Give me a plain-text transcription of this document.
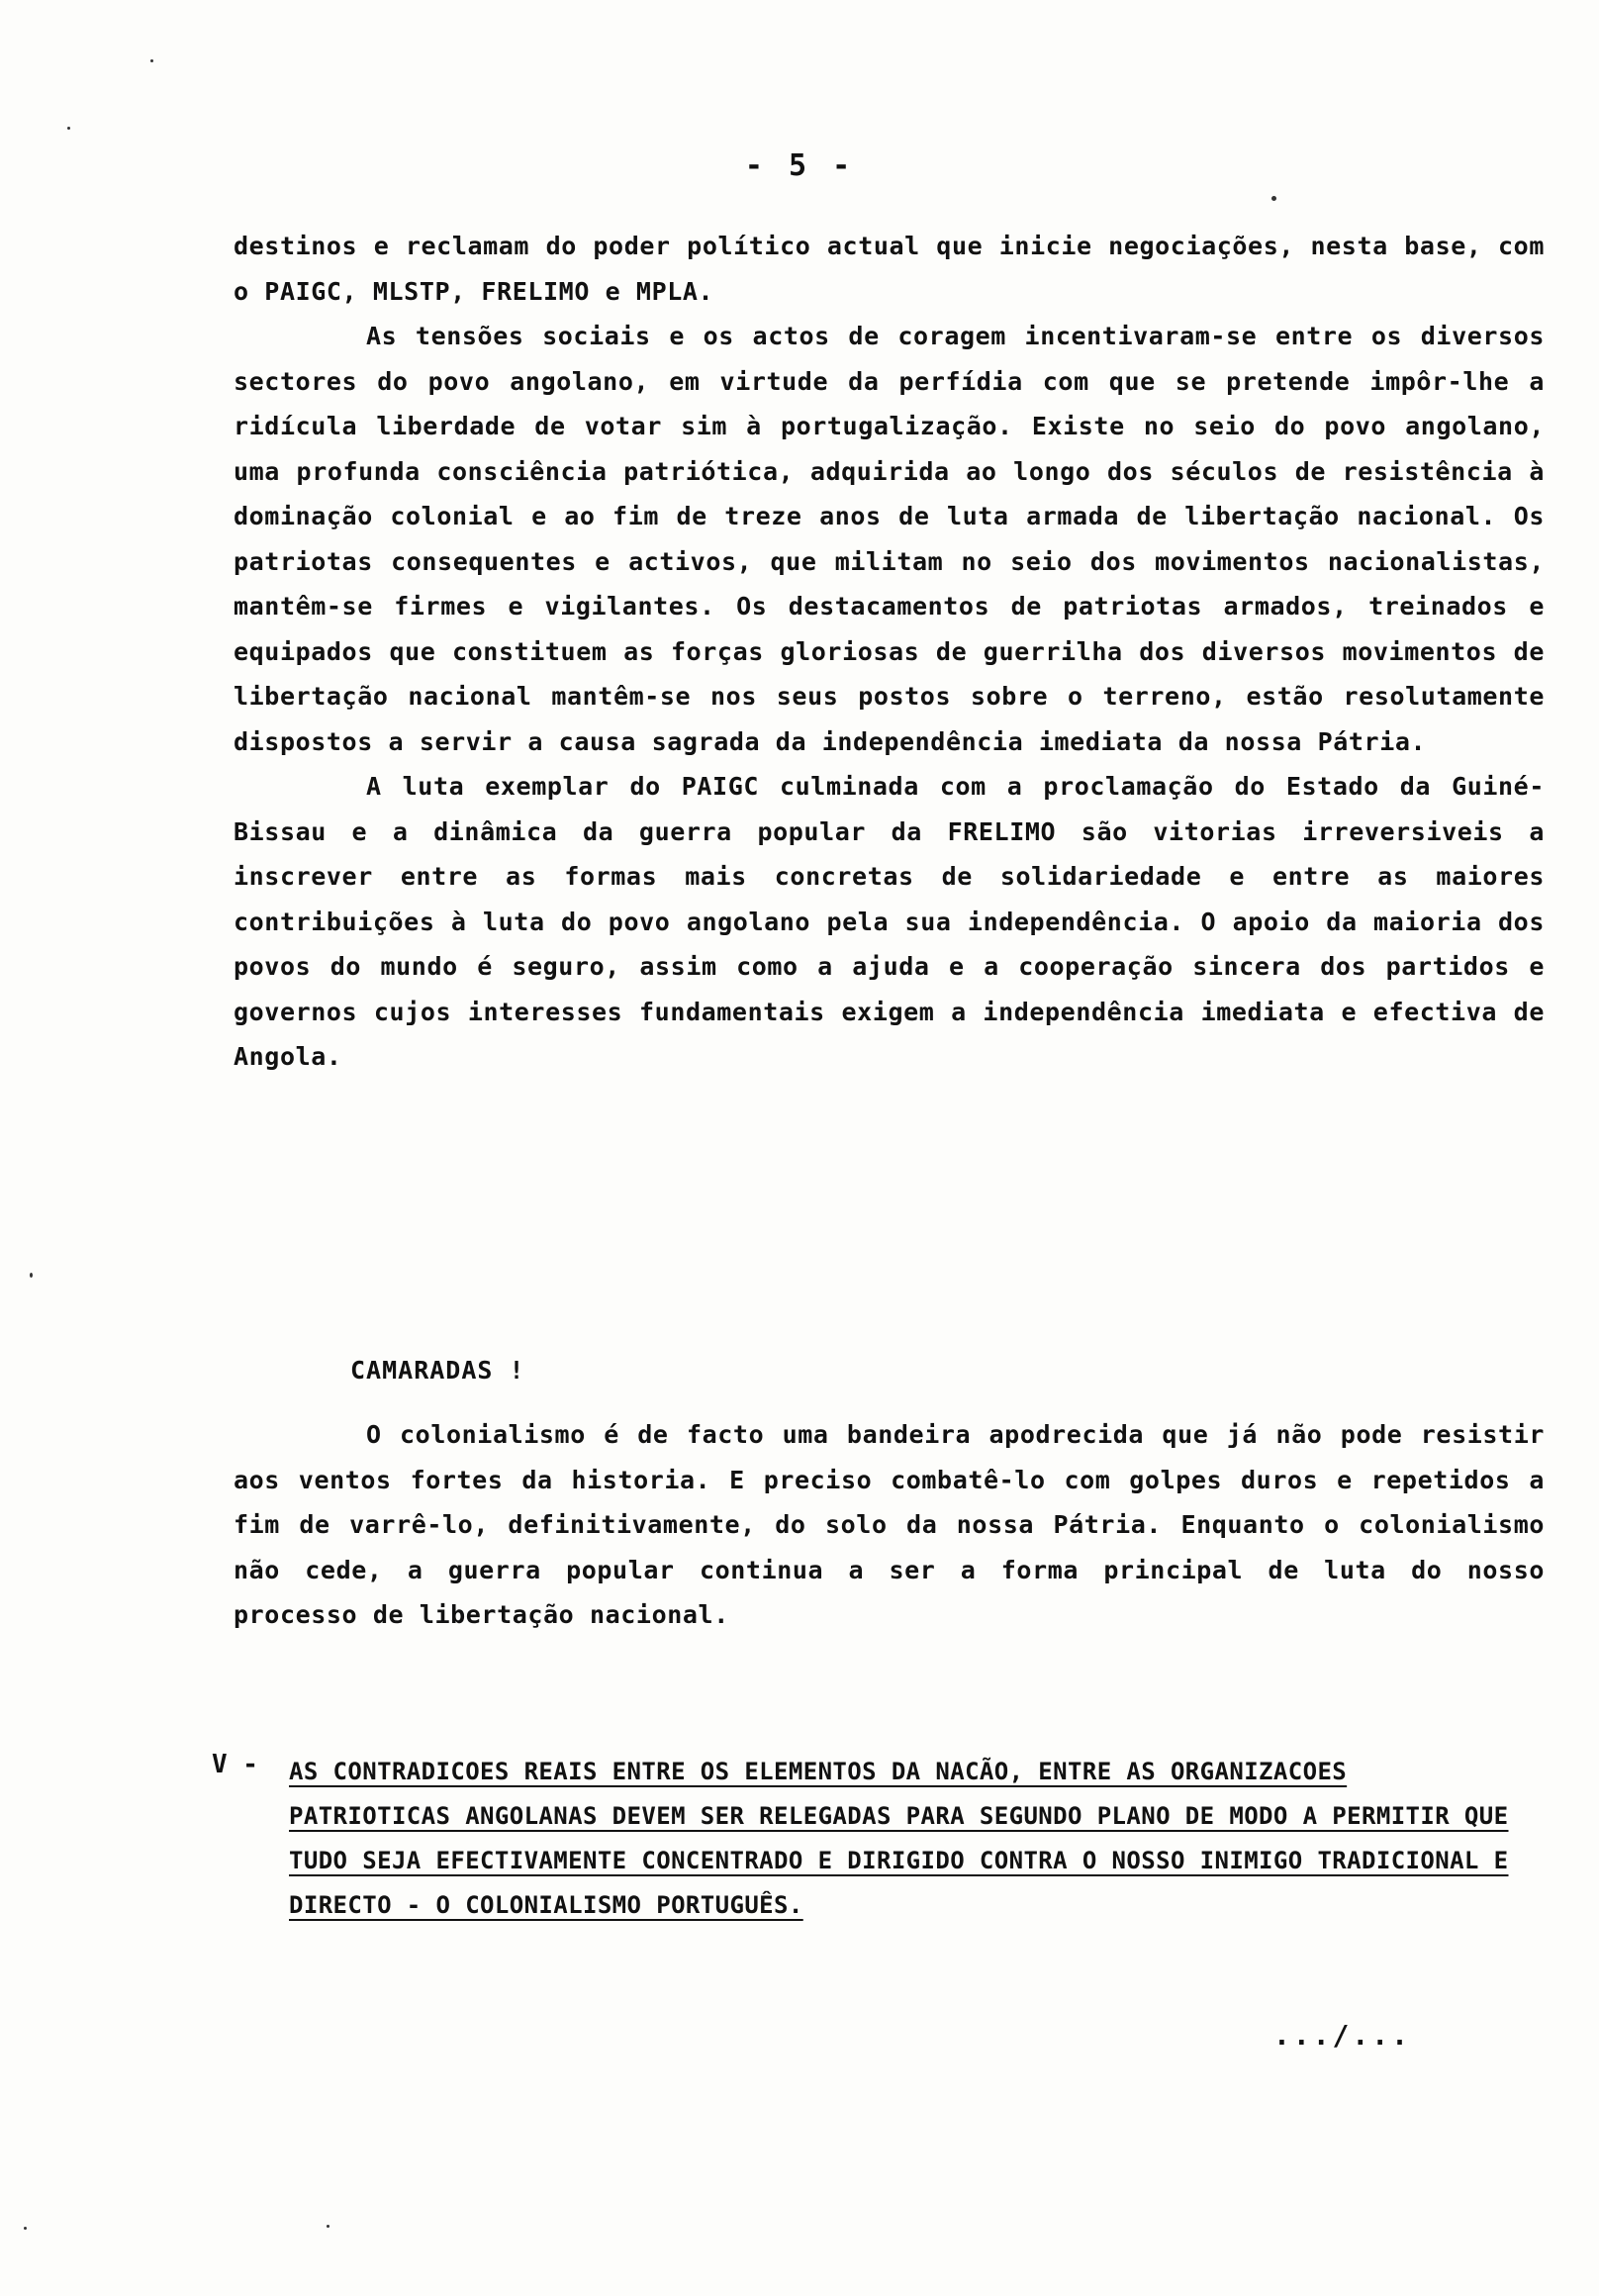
- 5 -

destinos e reclamam do poder político actual que inicie negociações, nesta base, com o PAIGC, MLSTP, FRELIMO e MPLA.

As tensões sociais e os actos de coragem incentivaram-se entre os diversos sectores do povo angolano, em virtude da perfídia com que se pretende impôr-lhe a ridícula liberdade de votar sim à portugalização. Existe no seio do povo angolano, uma profunda consciência patriótica, adquirida ao longo dos séculos de resistência à dominação colonial e ao fim de treze anos de luta armada de libertação nacional. Os patriotas consequentes e activos, que militam no seio dos movimentos nacionalistas, mantêm-se firmes e vigilantes. Os destacamentos de patriotas armados, treinados e equipados que constituem as forças gloriosas de guerrilha dos diversos movimentos de libertação nacional mantêm-se nos seus postos sobre o terreno, estão resolutamente dispostos a servir a causa sagrada da independência imediata da nossa Pátria.

A luta exemplar do PAIGC culminada com a proclamação do Estado da Guiné-Bissau e a dinâmica da guerra popular da FRELIMO são vitorias irreversiveis a inscrever entre as formas mais concretas de solidariedade e entre as maiores contribuições à luta do povo angolano pela sua independência. O apoio da maioria dos povos do mundo é seguro, assim como a ajuda e a cooperação sincera dos partidos e governos cujos interesses fundamentais exigem a independência imediata e efectiva de Angola.

CAMARADAS !

O colonialismo é de facto uma bandeira apodrecida que já não pode resistir aos ventos fortes da historia. E preciso combatê-lo com golpes duros e repetidos a fim de varrê-lo, definitivamente, do solo da nossa Pátria. Enquanto o colonialismo não cede, a guerra popular continua a ser a forma principal de luta do nosso processo de libertação nacional.

V - AS CONTRADICOES REAIS ENTRE OS ELEMENTOS DA NACÃO, ENTRE AS ORGANIZACOES PATRIOTICAS ANGOLANAS DEVEM SER RELEGADAS PARA SEGUNDO PLANO DE MODO A PERMITIR QUE TUDO SEJA EFECTIVAMENTE CONCENTRADO E DIRIGIDO CONTRA O NOSSO INIMIGO TRADICIONAL E DIRECTO - O COLONIALISMO PORTUGUÊS.
.../...
